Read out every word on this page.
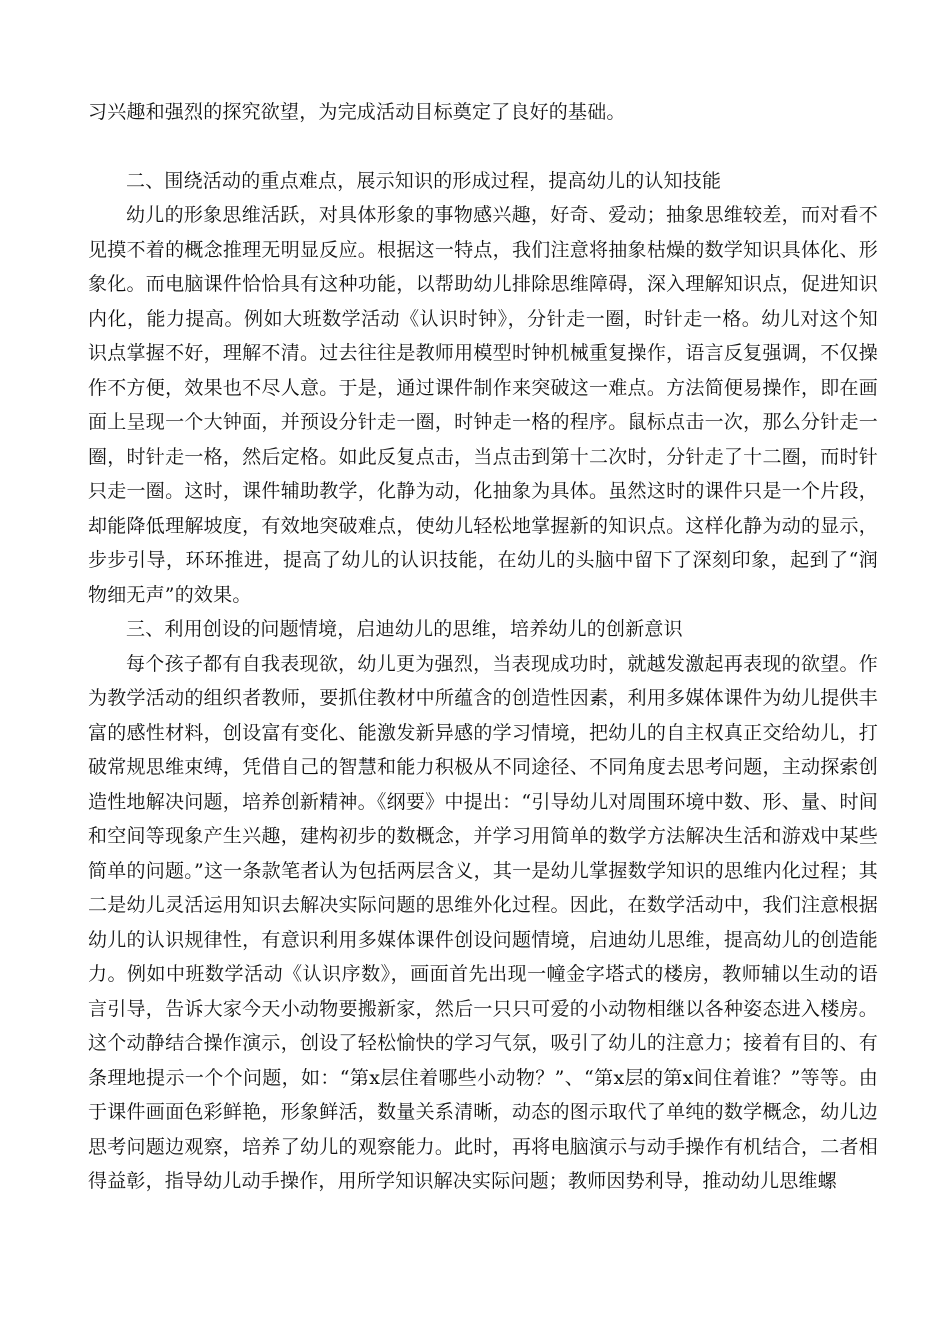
习兴趣和强烈的探究欲望，为完成活动目标奠定了良好的基础。

二、围绕活动的重点难点，展示知识的形成过程，提高幼儿的认知技能

幼儿的形象思维活跃，对具体形象的事物感兴趣，好奇、爱动；抽象思维较差，而对看不见摸不着的概念推理无明显反应。根据这一特点，我们注意将抽象枯燥的数学知识具体化、形象化。而电脑课件恰恰具有这种功能，以帮助幼儿排除思维障碍，深入理解知识点，促进知识内化，能力提高。例如大班数学活动《认识时钟》，分针走一圈，时针走一格。幼儿对这个知识点掌握不好，理解不清。过去往往是教师用模型时钟机械重复操作，语言反复强调，不仅操作不方便，效果也不尽人意。于是，通过课件制作来突破这一难点。方法简便易操作，即在画面上呈现一个大钟面，并预设分针走一圈，时钟走一格的程序。鼠标点击一次，那么分针走一圈，时针走一格，然后定格。如此反复点击，当点击到第十二次时，分针走了十二圈，而时针只走一圈。这时，课件辅助教学，化静为动，化抽象为具体。虽然这时的课件只是一个片段，却能降低理解坡度，有效地突破难点，使幼儿轻松地掌握新的知识点。这样化静为动的显示，步步引导，环环推进，提高了幼儿的认识技能，在幼儿的头脑中留下了深刻印象，起到了“润物细无声”的效果。

三、利用创设的问题情境，启迪幼儿的思维，培养幼儿的创新意识

每个孩子都有自我表现欲，幼儿更为强烈，当表现成功时，就越发激起再表现的欲望。作为教学活动的组织者教师，要抓住教材中所蕴含的创造性因素，利用多媒体课件为幼儿提供丰富的感性材料，创设富有变化、能激发新异感的学习情境，把幼儿的自主权真正交给幼儿，打破常规思维束缚，凭借自己的智慧和能力积极从不同途径、不同角度去思考问题，主动探索创造性地解决问题，培养创新精神。《纲要》中提出：“引导幼儿对周围环境中数、形、量、时间和空间等现象产生兴趣，建构初步的数概念，并学习用简单的数学方法解决生活和游戏中某些简单的问题。”这一条款笔者认为包括两层含义，其一是幼儿掌握数学知识的思维内化过程；其二是幼儿灵活运用知识去解决实际问题的思维外化过程。因此，在数学活动中，我们注意根据幼儿的认识规律性，有意识利用多媒体课件创设问题情境，启迪幼儿思维，提高幼儿的创造能力。例如中班数学活动《认识序数》，画面首先出现一幢金字塔式的楼房，教师辅以生动的语言引导，告诉大家今天小动物要搬新家，然后一只只可爱的小动物相继以各种姿态进入楼房。这个动静结合操作演示，创设了轻松愉快的学习气氛，吸引了幼儿的注意力；接着有目的、有条理地提示一个个问题，如：“第x层住着哪些小动物？”、“第x层的第x间住着谁？”等等。由于课件画面色彩鲜艳，形象鲜活，数量关系清晰，动态的图示取代了单纯的数学概念，幼儿边思考问题边观察，培养了幼儿的观察能力。此时，再将电脑演示与动手操作有机结合，二者相得益彰，指导幼儿动手操作，用所学知识解决实际问题；教师因势利导，推动幼儿思维螺
